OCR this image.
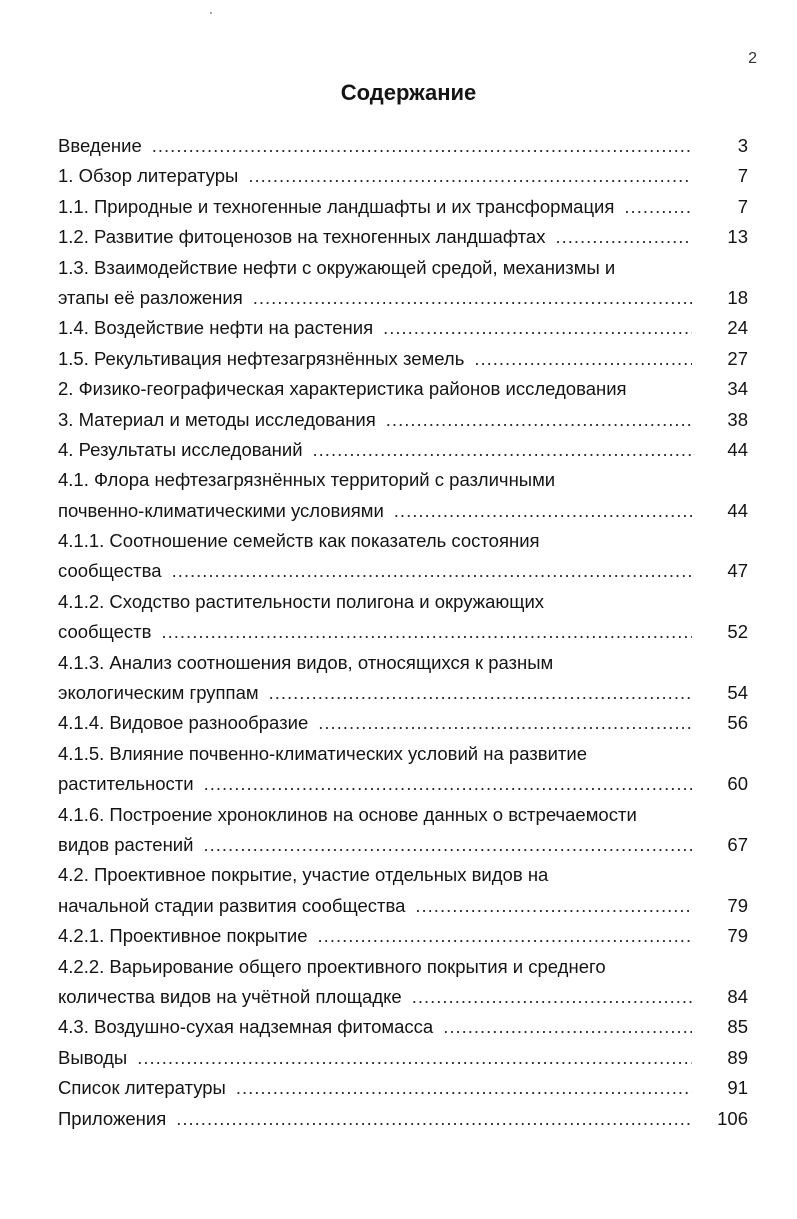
2
Содержание
Введение .....	3
1. Обзор литературы .....	7
1.1. Природные и техногенные ландшафты и их трансформация .....	7
1.2. Развитие фитоценозов на техногенных ландшафтах .....	13
1.3. Взаимодействие нефти с окружающей средой, механизмы и
этапы её разложения .....	18
1.4. Воздействие нефти на растения .....	24
1.5. Рекультивация нефтезагрязнённых земель .....	27
2. Физико-географическая характеристика районов исследования	34
3. Материал и методы исследования .....	38
4. Результаты исследований .....	44
4.1. Флора нефтезагрязнённых территорий с различными
почвенно-климатическими условиями .....	44
4.1.1. Соотношение семейств как показатель состояния
сообщества .....	47
4.1.2. Сходство растительности полигона и окружающих
сообществ .....	52
4.1.3. Анализ соотношения видов, относящихся к разным
экологическим группам .....	54
4.1.4. Видовое разнообразие .....	56
4.1.5. Влияние почвенно-климатических условий на развитие
растительности .....	60
4.1.6. Построение хроноклинов на основе данных о встречаемости
видов растений .....	67
4.2. Проективное покрытие, участие отдельных видов на
начальной стадии развития сообщества .....	79
4.2.1. Проективное покрытие .....	79
4.2.2. Варьирование общего проективного покрытия и среднего
количества видов на учётной площадке .....	84
4.3. Воздушно-сухая надземная фитомасса .....	85
Выводы .....	89
Список литературы .....	91
Приложения .....	106
